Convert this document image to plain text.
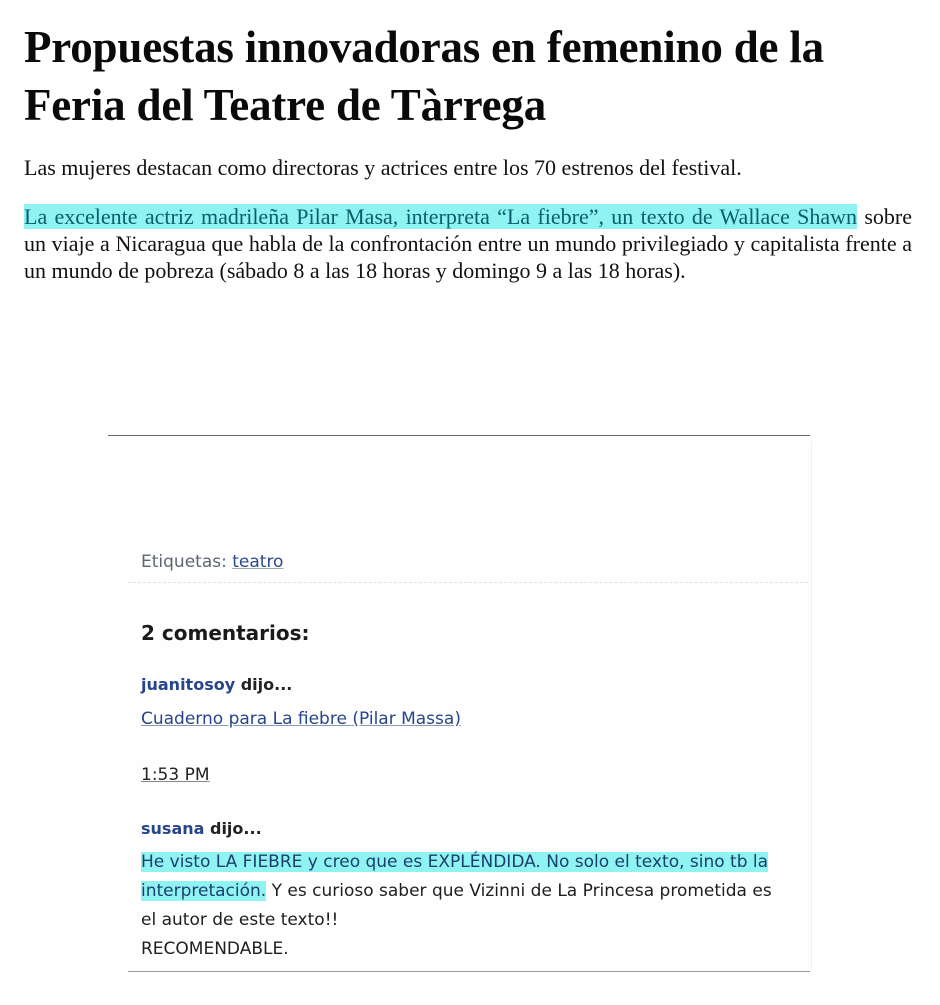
Propuestas innovadoras en femenino de la Feria del Teatre de Tàrrega

Las mujeres destacan como directoras y actrices entre los 70 estrenos del festival.

La excelente actriz madrileña Pilar Masa, interpreta “La fiebre”, un texto de Wallace Shawn sobre un viaje a Nicaragua que habla de la confrontación entre un mundo privilegiado y capitalista frente a un mundo de pobreza (sábado 8 a las 18 horas y domingo 9 a las 18 horas).

Etiquetas: teatro
2 comentarios:
juanitosoy dijo...
Cuaderno para La fiebre (Pilar Massa)
1:53 PM
susana dijo...
He visto LA FIEBRE y creo que es EXPLÉNDIDA. No solo el texto, sino tb la interpretación. Y es curioso saber que Vizinni de La Princesa prometida es el autor de este texto!!
RECOMENDABLE.
